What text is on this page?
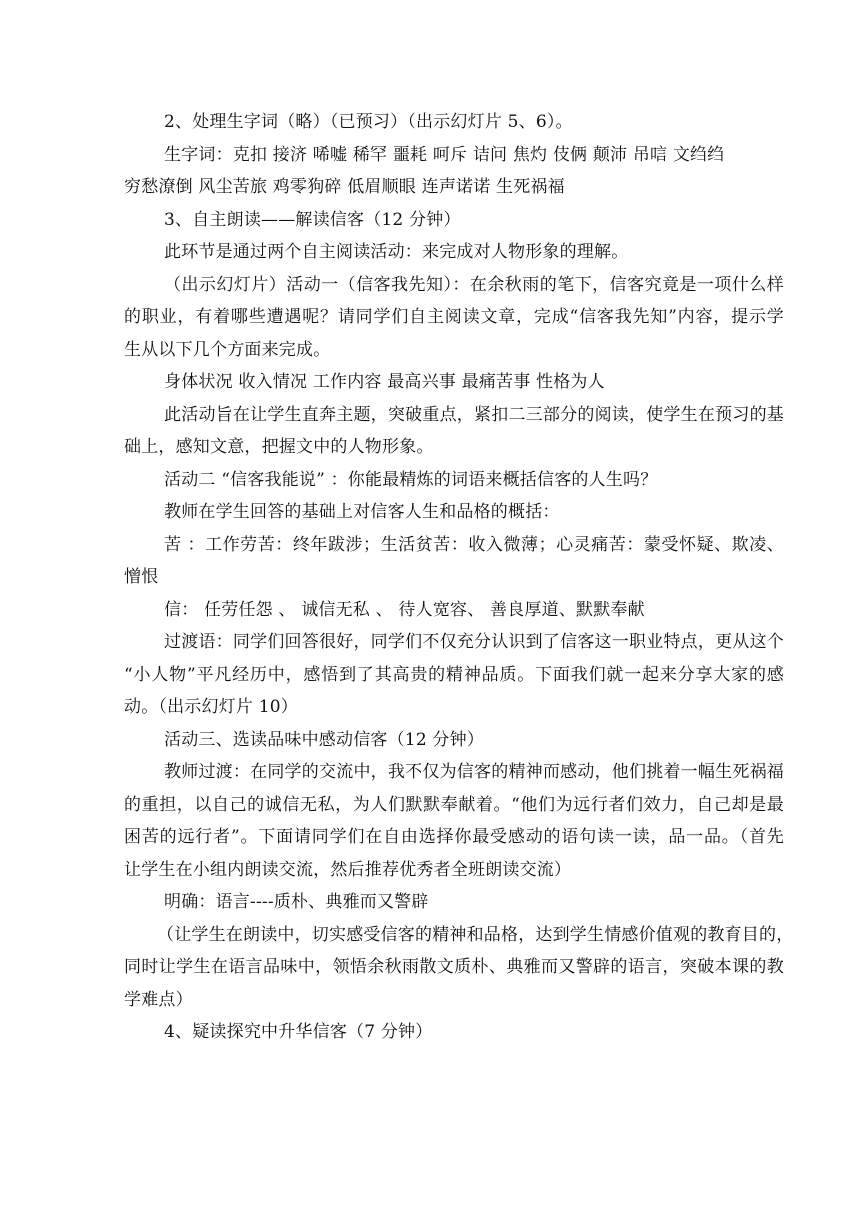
2、处理生字词（略）（已预习）（出示幻灯片 5、6）。
生字词：克扣 接济 唏嘘 稀罕 噩耗 呵斥 诘问 焦灼 伎俩 颠沛 吊唁 文绉绉
穷愁潦倒 风尘苦旅 鸡零狗碎 低眉顺眼 连声诺诺 生死祸福
3、自主朗读——解读信客（12 分钟）
此环节是通过两个自主阅读活动：来完成对人物形象的理解。
（出示幻灯片）活动一（信客我先知）：在余秋雨的笔下，信客究竟是一项什么样
的职业，有着哪些遭遇呢？请同学们自主阅读文章，完成“信客我先知”内容，提示学
生从以下几个方面来完成。
身体状况 收入情况 工作内容 最高兴事 最痛苦事 性格为人
此活动旨在让学生直奔主题，突破重点，紧扣二三部分的阅读，使学生在预习的基
础上，感知文意，把握文中的人物形象。
活动二 “信客我能说” ：你能最精炼的词语来概括信客的人生吗？
教师在学生回答的基础上对信客人生和品格的概括：
苦 ：工作劳苦：终年跋涉；生活贫苦：收入微薄；心灵痛苦：蒙受怀疑、欺凌、
憎恨
信： 任劳任怨 、 诚信无私 、 待人宽容、 善良厚道、默默奉献
过渡语：同学们回答很好，同学们不仅充分认识到了信客这一职业特点，更从这个
“小人物”平凡经历中，感悟到了其高贵的精神品质。下面我们就一起来分享大家的感
动。（出示幻灯片 10）
活动三、选读品味中感动信客（12 分钟）
教师过渡：在同学的交流中，我不仅为信客的精神而感动，他们挑着一幅生死祸福
的重担，以自己的诚信无私，为人们默默奉献着。“他们为远行者们效力，自己却是最
困苦的远行者”。下面请同学们在自由选择你最受感动的语句读一读，品一品。（首先
让学生在小组内朗读交流，然后推荐优秀者全班朗读交流）
明确：语言----质朴、典雅而又警辟
（让学生在朗读中，切实感受信客的精神和品格，达到学生情感价值观的教育目的，
同时让学生在语言品味中，领悟余秋雨散文质朴、典雅而又警辟的语言，突破本课的教
学难点）
4、疑读探究中升华信客（7 分钟）
